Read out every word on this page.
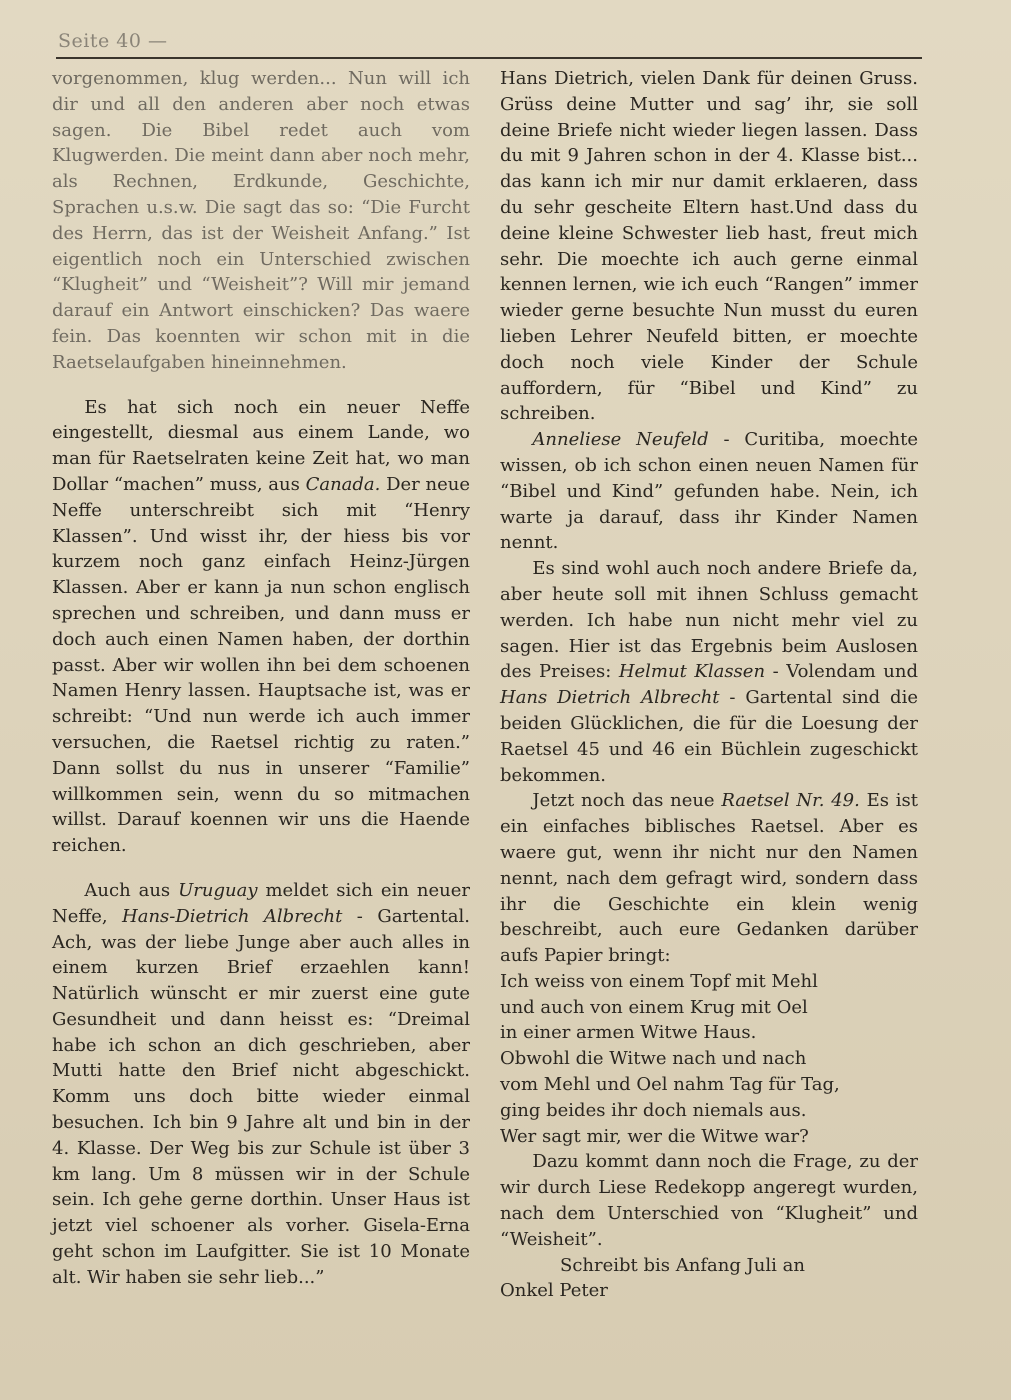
Seite 40 —

vorgenommen, klug werden... Nun will ich dir und all den anderen aber noch etwas sagen. Die Bibel redet auch vom Klugwerden. Die meint dann aber noch mehr, als Rechnen, Erdkunde, Geschichte, Sprachen u.s.w. Die sagt das so: “Die Furcht des Herrn, das ist der Weisheit Anfang.” Ist eigentlich noch ein Unterschied zwischen “Klugheit” und “Weisheit”? Will mir jemand darauf ein Antwort einschicken? Das waere fein. Das koennten wir schon mit in die Raetselaufgaben hineinnehmen.

Es hat sich noch ein neuer Neffe eingestellt, diesmal aus einem Lande, wo man für Raetselraten keine Zeit hat, wo man Dollar “machen” muss, aus Canada. Der neue Neffe unterschreibt sich mit “Henry Klassen”. Und wisst ihr, der hiess bis vor kurzem noch ganz einfach Heinz-Jürgen Klassen. Aber er kann ja nun schon englisch sprechen und schreiben, und dann muss er doch auch einen Namen haben, der dorthin passt. Aber wir wollen ihn bei dem schoenen Namen Henry lassen. Hauptsache ist, was er schreibt: “Und nun werde ich auch immer versuchen, die Raetsel richtig zu raten.” Dann sollst du nus in unserer “Familie” willkommen sein, wenn du so mitmachen willst. Darauf koennen wir uns die Haende reichen.

Auch aus Uruguay meldet sich ein neuer Neffe, Hans-Dietrich Albrecht - Gartental. Ach, was der liebe Junge aber auch alles in einem kurzen Brief erzaehlen kann! Natürlich wünscht er mir zuerst eine gute Gesundheit und dann heisst es: “Dreimal habe ich schon an dich geschrieben, aber Mutti hatte den Brief nicht abgeschickt. Komm uns doch bitte wieder einmal besuchen. Ich bin 9 Jahre alt und bin in der 4. Klasse. Der Weg bis zur Schule ist über 3 km lang. Um 8 müssen wir in der Schule sein. Ich gehe gerne dorthin. Unser Haus ist jetzt viel schoener als vorher. Gisela-Erna geht schon im Laufgitter. Sie ist 10 Monate alt. Wir haben sie sehr lieb...”

Hans Dietrich, vielen Dank für deinen Gruss. Grüss deine Mutter und sag’ ihr, sie soll deine Briefe nicht wieder liegen lassen. Dass du mit 9 Jahren schon in der 4. Klasse bist... das kann ich mir nur damit erklaeren, dass du sehr gescheite Eltern hast.Und dass du deine kleine Schwester lieb hast, freut mich sehr. Die moechte ich auch gerne einmal kennen lernen, wie ich euch “Rangen” immer wieder gerne besuchte Nun musst du euren lieben Lehrer Neufeld bitten, er moechte doch noch viele Kinder der Schule auffordern, für “Bibel und Kind” zu schreiben.

Anneliese Neufeld - Curitiba, moechte wissen, ob ich schon einen neuen Namen für “Bibel und Kind” gefunden habe. Nein, ich warte ja darauf, dass ihr Kinder Namen nennt.

Es sind wohl auch noch andere Briefe da, aber heute soll mit ihnen Schluss gemacht werden. Ich habe nun nicht mehr viel zu sagen. Hier ist das Ergebnis beim Auslosen des Preises: Helmut Klassen - Volendam und Hans Dietrich Albrecht - Gartental sind die beiden Glücklichen, die für die Loesung der Raetsel 45 und 46 ein Büchlein zugeschickt bekommen.

Jetzt noch das neue Raetsel Nr. 49. Es ist ein einfaches biblisches Raetsel. Aber es waere gut, wenn ihr nicht nur den Namen nennt, nach dem gefragt wird, sondern dass ihr die Geschichte ein klein wenig beschreibt, auch eure Gedanken darüber aufs Papier bringt:

Ich weiss von einem Topf mit Mehl
und auch von einem Krug mit Oel
in einer armen Witwe Haus.
Obwohl die Witwe nach und nach
vom Mehl und Oel nahm Tag für Tag,
ging beides ihr doch niemals aus.
Wer sagt mir, wer die Witwe war?

Dazu kommt dann noch die Frage, zu der wir durch Liese Redekopp angeregt wurden, nach dem Unterschied von “Klugheit” und “Weisheit”.

Schreibt bis Anfang Juli an

Onkel Peter
